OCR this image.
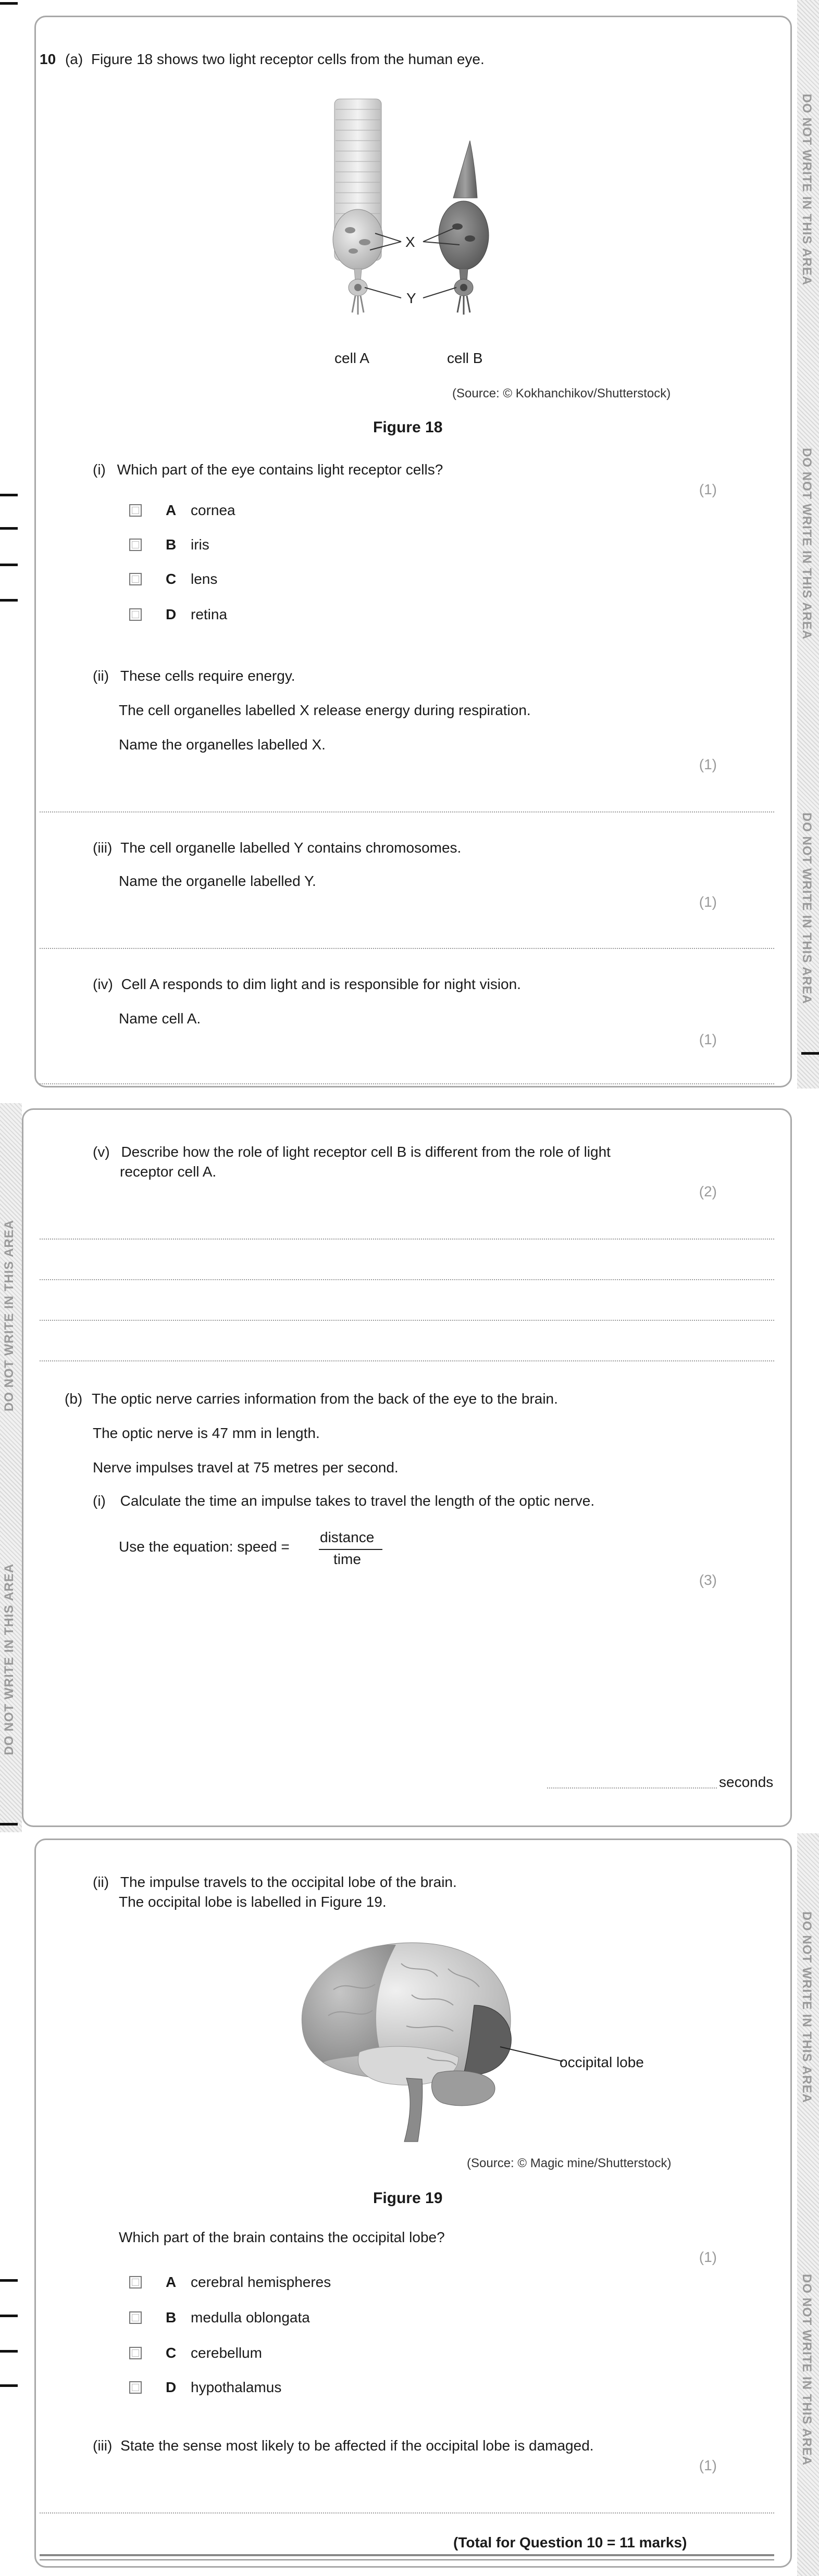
DO NOT WRITE IN THIS AREA
DO NOT WRITE IN THIS AREA
DO NOT WRITE IN THIS AREA
10 (a) Figure 18 shows two light receptor cells from the human eye.
X
Y
cell A	cell B
(Source: © Kokhanchikov/Shutterstock)
Figure 18
(i) Which part of the eye contains light receptor cells?
(1)
A cornea
B iris
C lens
D retina
(ii) These cells require energy.
The cell organelles labelled X release energy during respiration.
Name the organelles labelled X.
(1)
(iii) The cell organelle labelled Y contains chromosomes.
Name the organelle labelled Y.
(1)
(iv) Cell A responds to dim light and is responsible for night vision.
Name cell A.
(1)
DO NOT WRITE IN THIS AREA
DO NOT WRITE IN THIS AREA
(v) Describe how the role of light receptor cell B is different from the role of light
receptor cell A.
(2)
(b) The optic nerve carries information from the back of the eye to the brain.
The optic nerve is 47 mm in length.
Nerve impulses travel at 75 metres per second.
(i) Calculate the time an impulse takes to travel the length of the optic nerve.
Use the equation: speed =
distance
time
(3)
seconds
DO NOT WRITE IN THIS AREA
DO NOT WRITE IN THIS AREA
(ii) The impulse travels to the occipital lobe of the brain.
The occipital lobe is labelled in Figure 19.
occipital lobe
(Source: © Magic mine/Shutterstock)
Figure 19
Which part of the brain contains the occipital lobe?
(1)
A cerebral hemispheres
B medulla oblongata
C cerebellum
D hypothalamus
(iii) State the sense most likely to be affected if the occipital lobe is damaged.
(1)
(Total for Question 10 = 11 marks)
